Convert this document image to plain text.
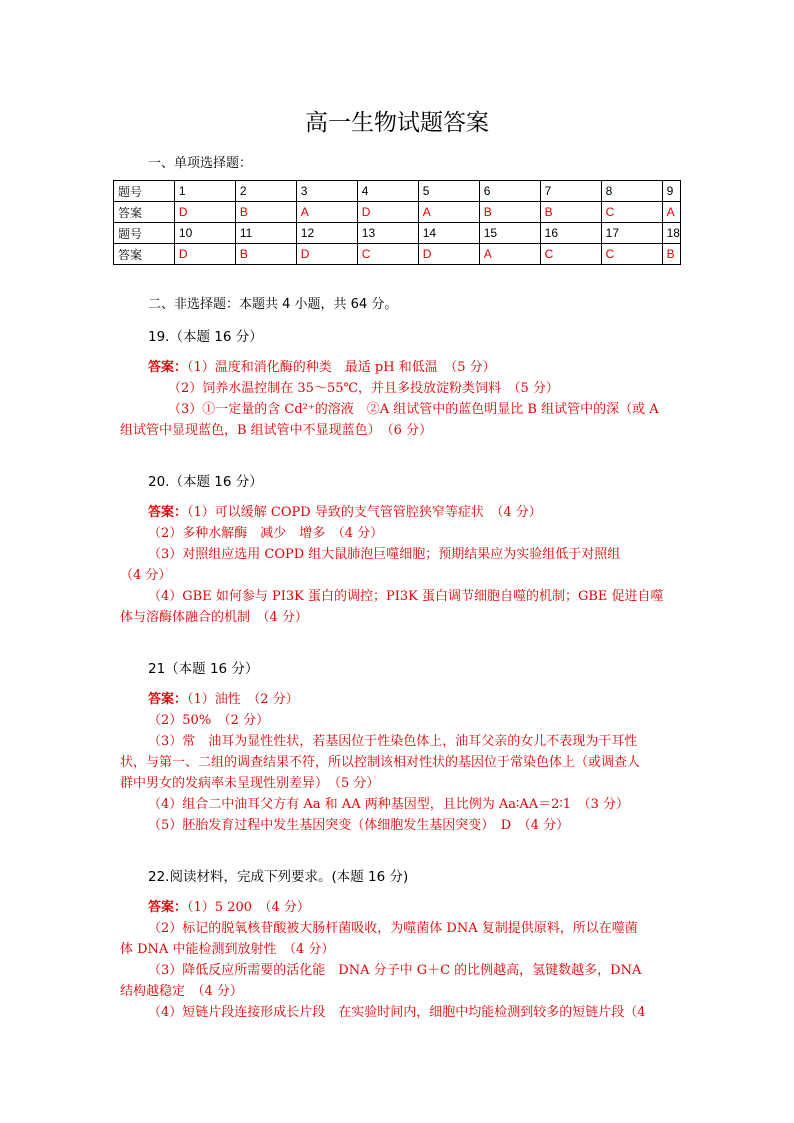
高一生物试题答案
一、单项选择题：
题号	1	2	3	4	5	6	7	8	9
答案	D	B	A	D	A	B	B	C	A
题号	10	11	12	13	14	15	16	17	18
答案	D	B	D	C	D	A	C	C	B
二、非选择题：本题共 4 小题，共 64 分。
19.（本题 16 分）
答案：（1）温度和消化酶的种类　最适 pH 和低温　（5 分）
（2）饲养水温控制在 35～55℃，并且多投放淀粉类饲料　（5 分）
（3）①一定量的含 Cd²⁺的溶液　②A 组试管中的蓝色明显比 B 组试管中的深（或 A
组试管中显现蓝色，B 组试管中不显现蓝色）　（6 分）
20.（本题 16 分）
答案：（1）可以缓解 COPD 导致的支气管管腔狭窄等症状　（4 分）
（2）多种水解酶　减少　增多　（4 分）
（3）对照组应选用 COPD 组大鼠肺泡巨噬细胞；预期结果应为实验组低于对照组
（4 分）
（4）GBE 如何参与 PI3K 蛋白的调控；PI3K 蛋白调节细胞自噬的机制；GBE 促进自噬
体与溶酶体融合的机制　（4 分）
21（本题 16 分）
答案：（1）油性　（2 分）
（2）50%　（2 分）
（3）常　油耳为显性性状，若基因位于性染色体上，油耳父亲的女儿不表现为干耳性
状，与第一、二组的调查结果不符，所以控制该相对性状的基因位于常染色体上（或调查人
群中男女的发病率未呈现性别差异）　（5 分）
（4）组合二中油耳父方有 Aa 和 AA 两种基因型，且比例为 Aa∶AA＝2∶1　（3 分）
（5）胚胎发育过程中发生基因突变（体细胞发生基因突变）　D　（4 分）
22.阅读材料，完成下列要求。(本题 16 分)
答案：（1）5 200　（4 分）
（2）标记的脱氧核苷酸被大肠杆菌吸收，为噬菌体 DNA 复制提供原料，所以在噬菌
体 DNA 中能检测到放射性　（4 分）
（3）降低反应所需要的活化能　DNA 分子中 G＋C 的比例越高，氢键数越多，DNA
结构越稳定　（4 分）
（4）短链片段连接形成长片段　在实验时间内，细胞中均能检测到较多的短链片段（4
